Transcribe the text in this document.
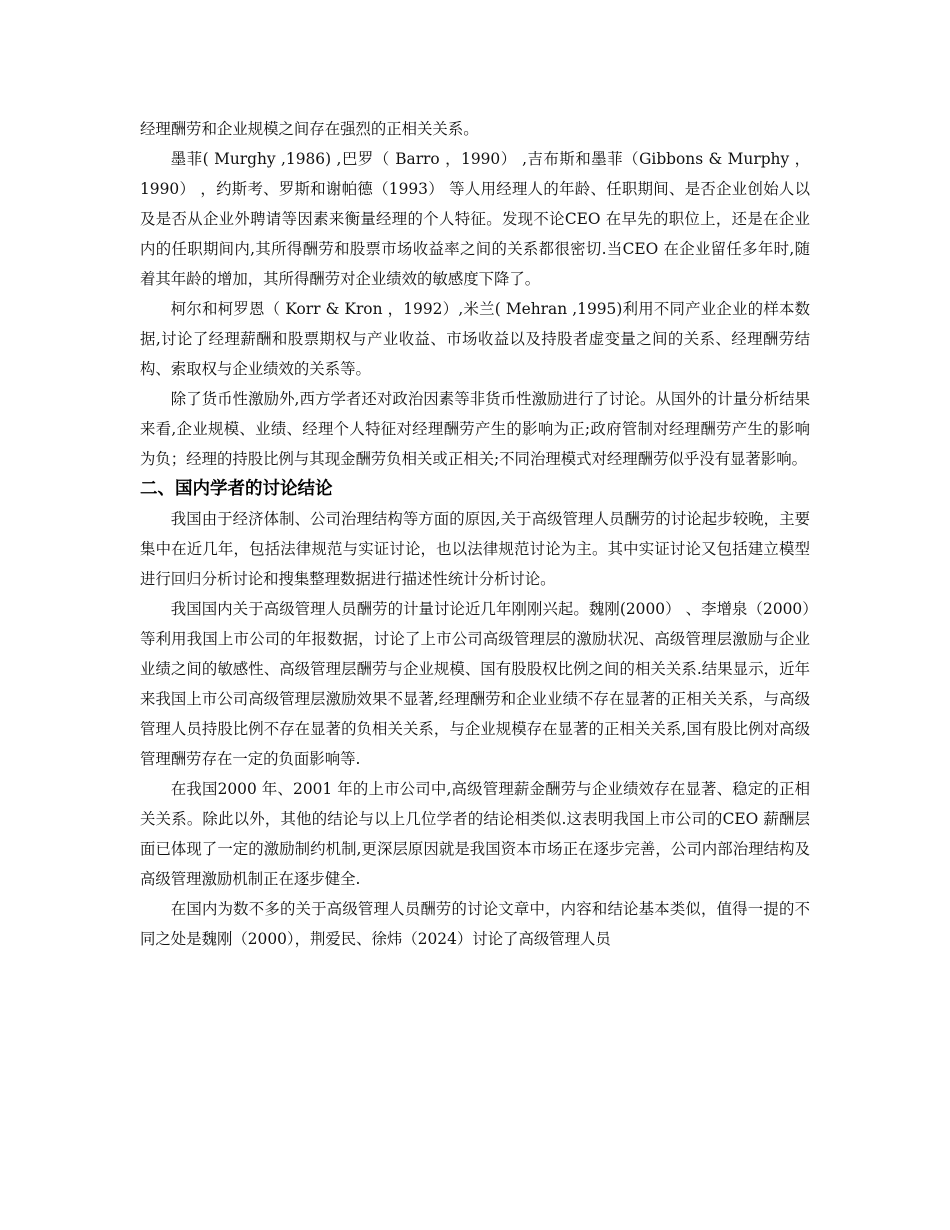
经理酬劳和企业规模之间存在强烈的正相关关系。

墨菲( Murghy ,1986) ,巴罗（ Barro ，1990） ,吉布斯和墨菲（Gibbons & Murphy ，1990） ，约斯考、罗斯和谢帕德（1993） 等人用经理人的年龄、任职期间、是否企业创始人以及是否从企业外聘请等因素来衡量经理的个人特征。发现不论CEO 在早先的职位上，还是在企业内的任职期间内,其所得酬劳和股票市场收益率之间的关系都很密切.当CEO 在企业留任多年时,随着其年龄的增加，其所得酬劳对企业绩效的敏感度下降了。

柯尔和柯罗恩（ Korr & Kron ，1992）,米兰( Mehran ,1995)利用不同产业企业的样本数据,讨论了经理薪酬和股票期权与产业收益、市场收益以及持股者虚变量之间的关系、经理酬劳结构、索取权与企业绩效的关系等。

除了货币性激励外,西方学者还对政治因素等非货币性激励进行了讨论。从国外的计量分析结果来看,企业规模、业绩、经理个人特征对经理酬劳产生的影响为正;政府管制对经理酬劳产生的影响为负；经理的持股比例与其现金酬劳负相关或正相关;不同治理模式对经理酬劳似乎没有显著影响。

二、国内学者的讨论结论

我国由于经济体制、公司治理结构等方面的原因,关于高级管理人员酬劳的讨论起步较晚，主要集中在近几年，包括法律规范与实证讨论，也以法律规范讨论为主。其中实证讨论又包括建立模型进行回归分析讨论和搜集整理数据进行描述性统计分析讨论。

我国国内关于高级管理人员酬劳的计量讨论近几年刚刚兴起。魏刚(2000） 、李增泉（2000）等利用我国上市公司的年报数据，讨论了上市公司高级管理层的激励状况、高级管理层激励与企业业绩之间的敏感性、高级管理层酬劳与企业规模、国有股股权比例之间的相关关系.结果显示，近年来我国上市公司高级管理层激励效果不显著,经理酬劳和企业业绩不存在显著的正相关关系，与高级管理人员持股比例不存在显著的负相关关系，与企业规模存在显著的正相关关系,国有股比例对高级管理酬劳存在一定的负面影响等.

在我国2000 年、2001 年的上市公司中,高级管理薪金酬劳与企业绩效存在显著、稳定的正相关关系。除此以外，其他的结论与以上几位学者的结论相类似.这表明我国上市公司的CEO 薪酬层面已体现了一定的激励制约机制,更深层原因就是我国资本市场正在逐步完善，公司内部治理结构及高级管理激励机制正在逐步健全.

在国内为数不多的关于高级管理人员酬劳的讨论文章中，内容和结论基本类似，值得一提的不同之处是魏刚（2000），荆爱民、徐炜（2024）讨论了高级管理人员
